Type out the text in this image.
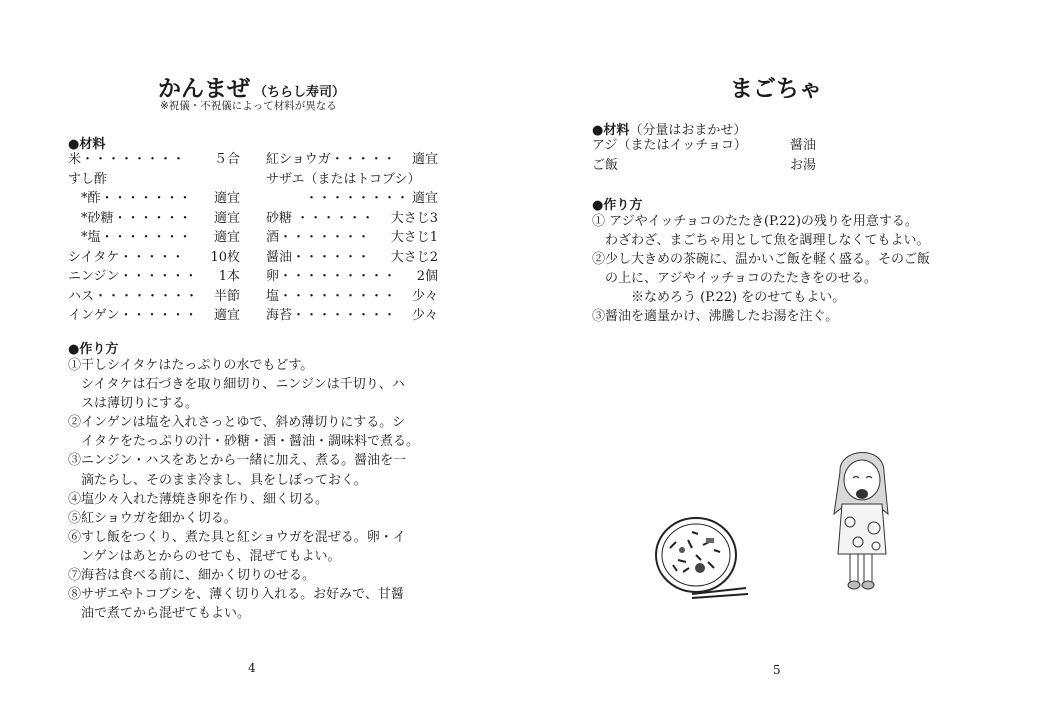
かんまぜ （ちらし寿司）
※祝儀・不祝儀によって材料が異なる
●材料
米・・・・・・・・ ５合
すし酢
　*酢・・・・・・・ 適宜
　*砂糖・・・・・・ 適宜
　*塩・・・・・・・ 適宜
シイタケ・・・・・ 10枚
ニンジン・・・・・・ 1本
ハス・・・・・・・・ 半節
インゲン・・・・・・ 適宜
紅ショウガ・・・・・ 適宜
サザエ（またはトコブシ）
　　　・・・・・・・・ 適宜
砂糖 ・・・・・・ 大さじ3
酒・・・・・・・ 大さじ1
醤油・・・・・・ 大さじ2
卵・・・・・・・・・ 2個
塩・・・・・・・・・ 少々
海苔・・・・・・・・ 少々
●作り方
①干しシイタケはたっぷりの水でもどす。
　シイタケは石づきを取り細切り、ニンジンは千切り、ハ
　スは薄切りにする。
②インゲンは塩を入れさっとゆで、斜め薄切りにする。シ
　イタケをたっぷりの汁・砂糖・酒・醤油・調味料で煮る。
③ニンジン・ハスをあとから一緒に加え、煮る。醤油を一
　滴たらし、そのまま冷まし、具をしぼっておく。
④塩少々入れた薄焼き卵を作り、細く切る。
⑤紅ショウガを細かく切る。
⑥すし飯をつくり、煮た具と紅ショウガを混ぜる。卵・イ
　ンゲンはあとからのせても、混ぜてもよい。
⑦海苔は食べる前に、細かく切りのせる。
⑧サザエやトコブシを、薄く切り入れる。お好みで、甘醤
　油で煮てから混ぜてもよい。
4
まごちゃ
●材料（分量はおまかせ）
アジ（またはイッチョコ）
ご飯
醤油
お湯
●作り方
① アジやイッチョコのたたき(P.22)の残りを用意する。
　わざわざ、まごちゃ用として魚を調理しなくてもよい。
②少し大きめの茶碗に、温かいご飯を軽く盛る。そのご飯
　の上に、アジやイッチョコのたたきをのせる。
　　　※なめろう (P.22) をのせてもよい。
③醤油を適量かけ、沸騰したお湯を注ぐ。
5
